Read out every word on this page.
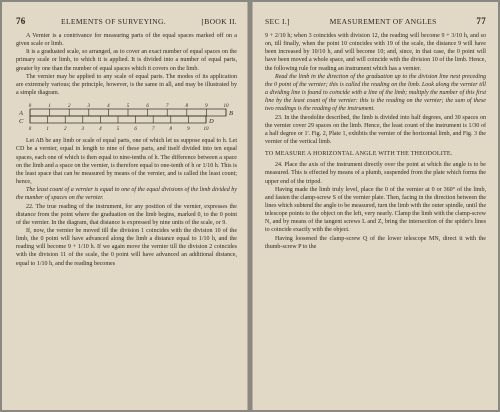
76	ELEMENTS OF SURVEYING.	[BOOK II.

A Vernier is a contrivance for measuring parts of the equal spaces marked off on a given scale or limb.

It is a graduated scale, so arranged, as to cover an exact number of equal spaces on the primary scale or limb, to which it is applied. It is divided into a number of equal parts, greater by one than the number of equal spaces which it covers on the limb.

The vernier may be applied to any scale of equal parts. The modes of its application are extremely various; the principle, however, is the same in all, and may be illustrated by a simple diagram.

0	1	2	3	4	5	6	7	8	9	10
0	1	2	3	4	5	6	7	8	9	10
A	B
C	D

Let AB be any limb or scale of equal parts, one of which let us suppose equal to h. Let CD be a vernier, equal in length to nine of these parts, and itself divided into ten equal spaces, each one of which is then equal to nine-tenths of h. The difference between a space on the limb and a space on the vernier, is therefore equal to one-tenth of h or 1/10 h. This is the least space that can be measured by means of the vernier, and is called the least count; hence,

The least count of a vernier is equal to one of the equal divisions of the limb divided by the number of spaces on the vernier.

22. The true reading of the instrument, for any position of the vernier, expresses the distance from the point where the graduation on the limb begins, marked 0, to the 0 point of the vernier. In the diagram, that distance is expressed by nine units of the scale, or 9.

If, now, the vernier be moved till the division 1 coincides with the division 10 of the limb, the 0 point will have advanced along the limb a distance equal to 1/10 h, and the reading will become 9 + 1/10 h. If we again move the vernier till the division 2 coincides with the division 11 of the scale, the 0 point will have advanced an additional distance, equal to 1/10 h, and the reading becomes

SEC I.]	MEASUREMENT OF ANGLES	77

9 + 2/10 h; when 3 coincides with division 12, the reading will become 9 + 3/10 h, and so on, till finally, when the point 10 coincides with 19 of the scale, the distance 9 will have been increased by 10/10 h, and will become 10; and, since, in that case, the 0 point will have been moved a whole space, and will coincide with the division 10 of the limb. Hence, the following rule for reading an instrument which has a vernier.

Read the limb in the direction of the graduation up to the division line next preceding the 0 point of the vernier; this is called the reading on the limb. Look along the vernier till a dividing line is found to coincide with a line of the limb; multiply the number of this first line by the least count of the vernier: this is the reading on the vernier; the sum of these two readings is the reading of the instrument.

23. In the theodolite described, the limb is divided into half degrees, and 30 spaces on the vernier cover 29 spaces on the limb. Hence, the least count of the instrument is 1/30 of a half degree or 1'. Fig. 2, Plate 1, exhibits the vernier of the horizontal limb, and Fig. 3 the vernier of the vertical limb.

TO MEASURE A HORIZONTAL ANGLE WITH THE THEODOLITE.

24. Place the axis of the instrument directly over the point at which the angle is to be measured. This is effected by means of a plumb, suspended from the plate which forms the upper end of the tripod.

Having made the limb truly level, place the 0 of the vernier at 0 or 360° of the limb, and fasten the clamp-screw S of the vernier plate. Then, facing in the direction between the lines which subtend the angle to be measured, turn the limb with the outer spindle, until the telescope points to the object on the left, very nearly. Clamp the limb with the clamp-screw N, and by means of the tangent screws L and Z, bring the intersection of the spider's lines to coincide exactly with the object.

Having loosened the clamp-screw Q of the lower telescope MN, direct it with the thumb-screw P to the
